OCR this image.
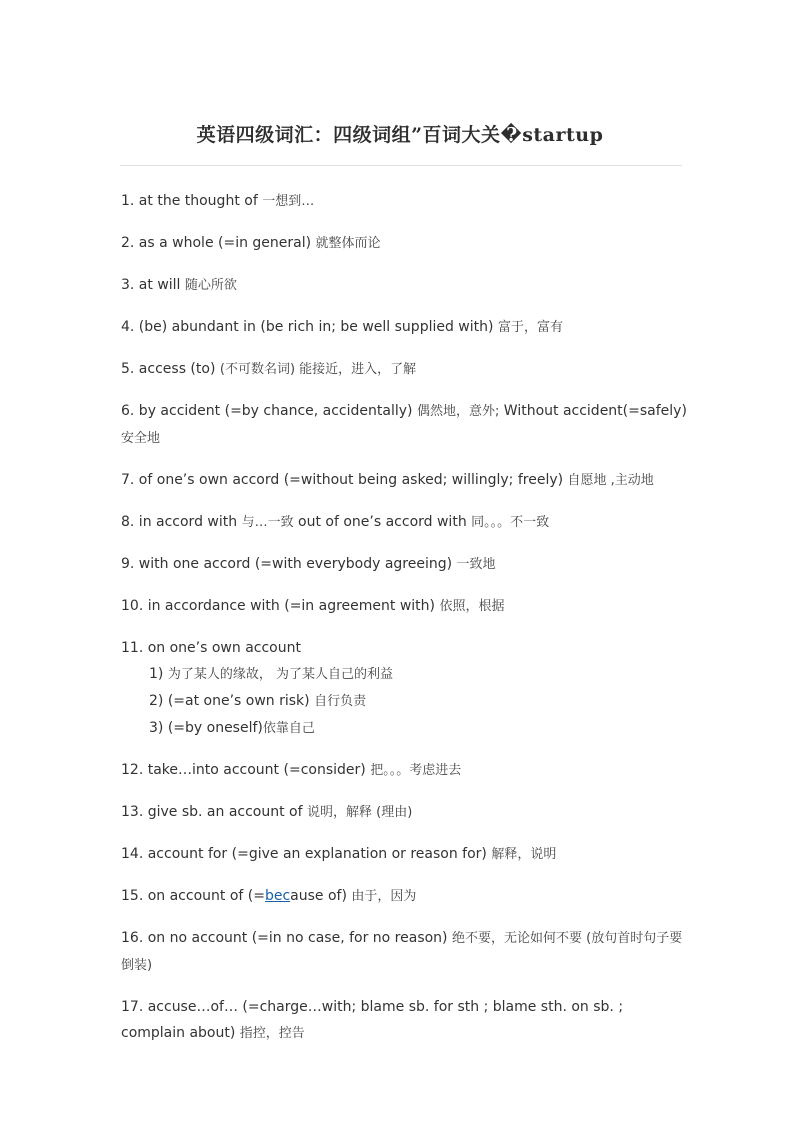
英语四级词汇：四级词组”百词大关�startup
1. at the thought of 一想到…
2. as a whole (=in general) 就整体而论
3. at will 随心所欲
4. (be) abundant in (be rich in; be well supplied with) 富于，富有
5. access (to) (不可数名词) 能接近，进入，了解
6. by accident (=by chance, accidentally) 偶然地，意外; Without accident(=safely) 安全地
7. of one’s own accord (=without being asked; willingly; freely) 自愿地 ,主动地
8. in accord with 与…一致 out of one’s accord with 同。。。不一致
9. with one accord (=with everybody agreeing) 一致地
10. in accordance with (=in agreement with) 依照，根据
11. on one’s own account
1) 为了某人的缘故， 为了某人自己的利益
2) (=at one’s own risk) 自行负责
3) (=by oneself)依靠自己
12. take…into account (=consider) 把。。。考虑进去
13. give sb. an account of 说明，解释 (理由)
14. account for (=give an explanation or reason for) 解释，说明
15. on account of (=because of) 由于，因为
16. on no account (=in no case, for no reason) 绝不要，无论如何不要 (放句首时句子要倒装)
17. accuse…of… (=charge…with; blame sb. for sth ; blame sth. on sb. ; complain about) 指控，控告
